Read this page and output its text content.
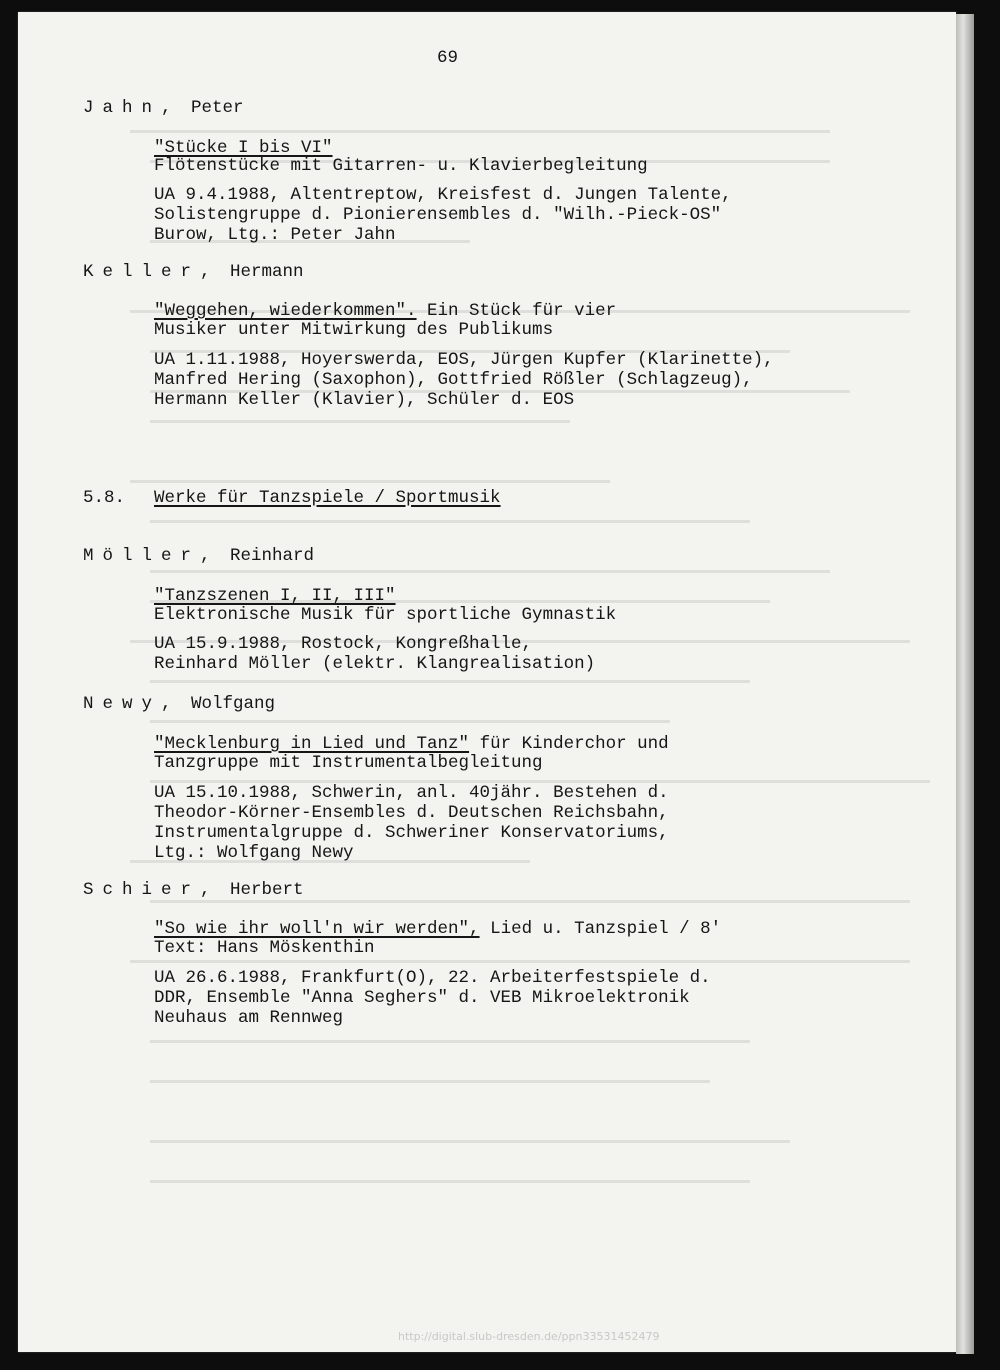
69
Jahn, Peter
"Stücke I bis VI"
Flötenstücke mit Gitarren- u. Klavierbegleitung
UA 9.4.1988, Altentreptow, Kreisfest d. Jungen Talente,
Solistengruppe d. Pionierensembles d. "Wilh.-Pieck-OS"
Burow, Ltg.: Peter Jahn
Keller, Hermann
"Weggehen, wiederkommen". Ein Stück für vier
Musiker unter Mitwirkung des Publikums
UA 1.11.1988, Hoyerswerda, EOS, Jürgen Kupfer (Klarinette),
Manfred Hering (Saxophon), Gottfried Rößler (Schlagzeug),
Hermann Keller (Klavier), Schüler d. EOS
5.8. Werke für Tanzspiele / Sportmusik
Möller, Reinhard
"Tanzszenen I, II, III"
Elektronische Musik für sportliche Gymnastik
UA 15.9.1988, Rostock, Kongreßhalle,
Reinhard Möller (elektr. Klangrealisation)
Newy, Wolfgang
"Mecklenburg in Lied und Tanz" für Kinderchor und
Tanzgruppe mit Instrumentalbegleitung
UA 15.10.1988, Schwerin, anl. 40jähr. Bestehen d.
Theodor-Körner-Ensembles d. Deutschen Reichsbahn,
Instrumentalgruppe d. Schweriner Konservatoriums,
Ltg.: Wolfgang Newy
Schier, Herbert
"So wie ihr woll'n wir werden", Lied u. Tanzspiel / 8'
Text: Hans Möskenthin
UA 26.6.1988, Frankfurt(O), 22. Arbeiterfestspiele d.
DDR, Ensemble "Anna Seghers" d. VEB Mikroelektronik
Neuhaus am Rennweg
http://digital.slub-dresden.de/ppn33531452479
